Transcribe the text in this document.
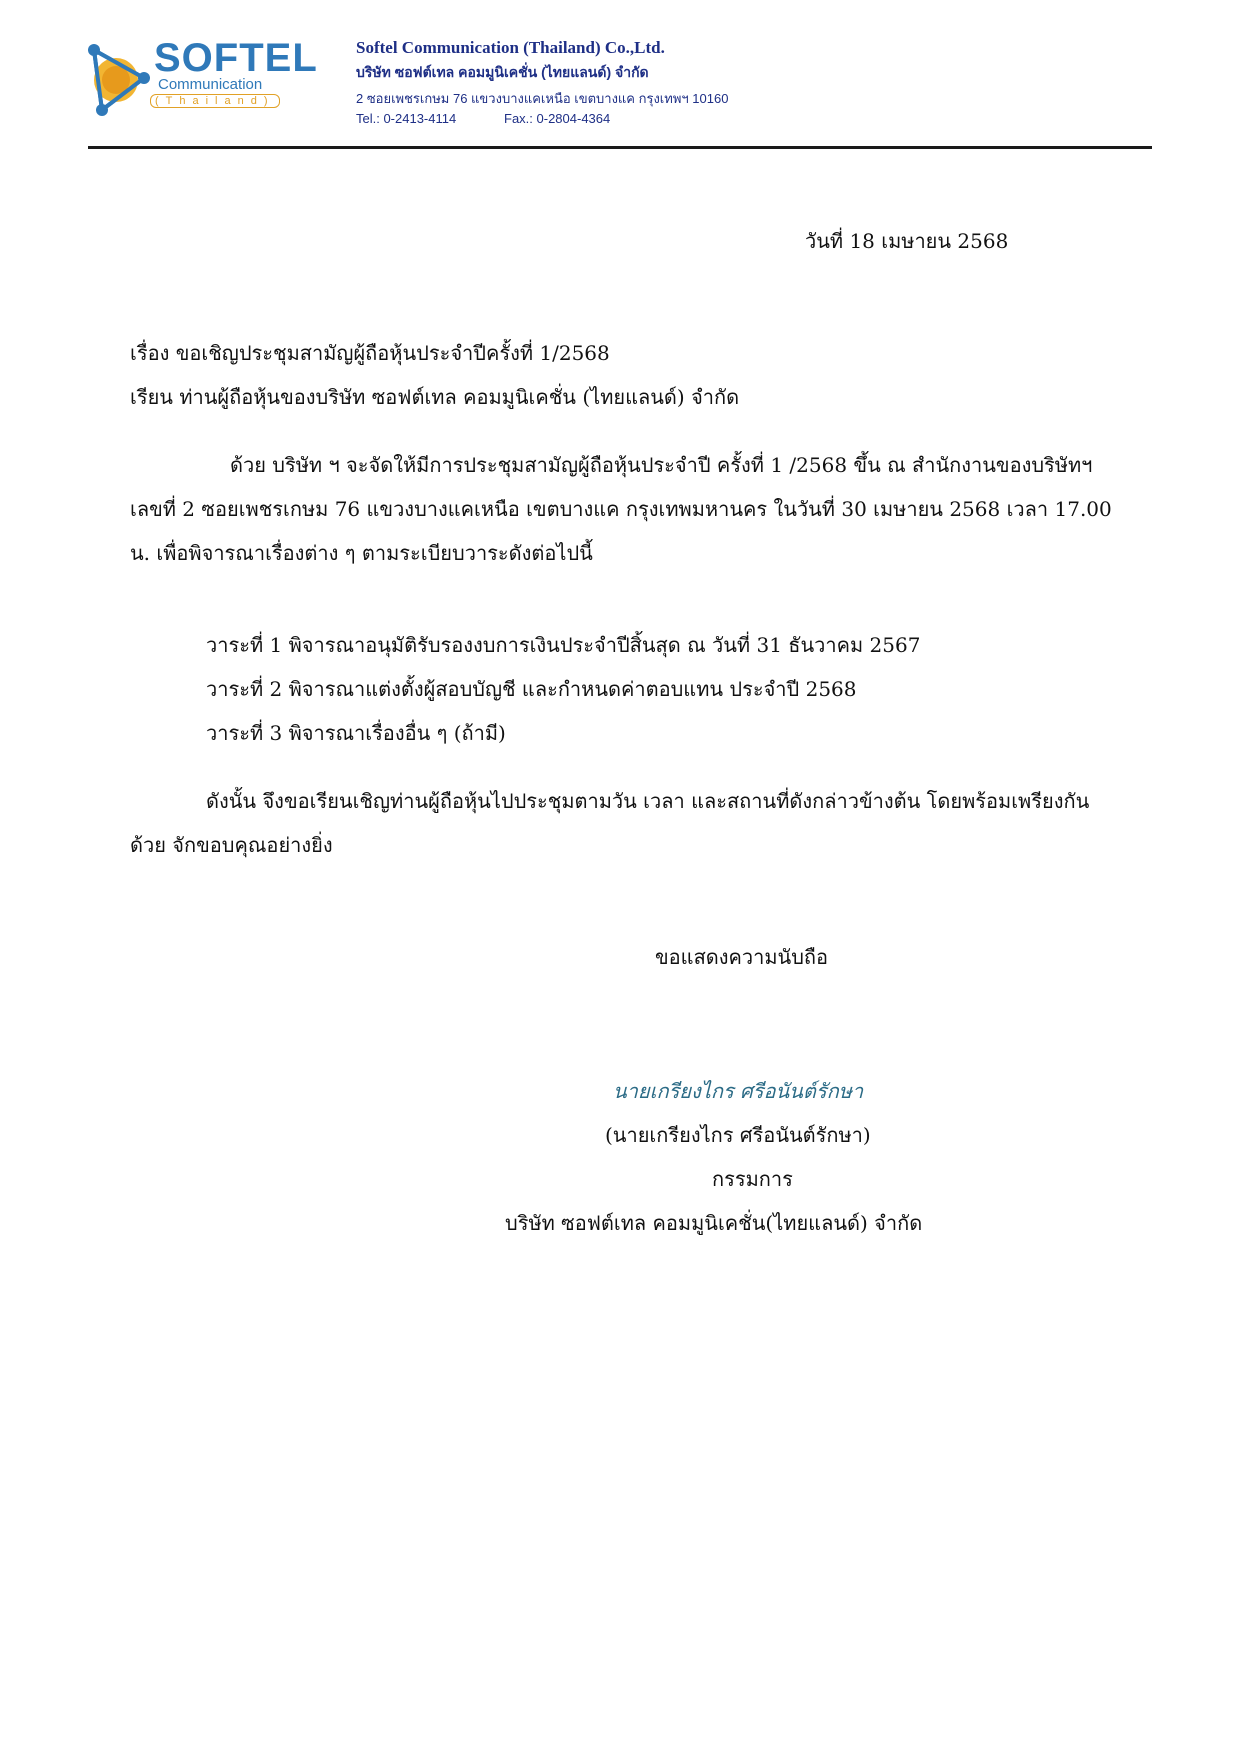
SOFTEL
Communication
(Thailand)
Softel Communication (Thailand) Co.,Ltd.
บริษัท ซอฟต์เทล คอมมูนิเคชั่น (ไทยแลนด์) จำกัด
2 ซอยเพชรเกษม 76 แขวงบางแคเหนือ เขตบางแค กรุงเทพฯ 10160
Tel.: 0-2413-4114	Fax.: 0-2804-4364
วันที่ 18 เมษายน 2568
เรื่อง ขอเชิญประชุมสามัญผู้ถือหุ้นประจำปีครั้งที่ 1/2568
เรียน ท่านผู้ถือหุ้นของบริษัท ซอฟต์เทล คอมมูนิเคชั่น (ไทยแลนด์) จำกัด
ด้วย บริษัท ฯ จะจัดให้มีการประชุมสามัญผู้ถือหุ้นประจำปี ครั้งที่ 1 /2568 ขึ้น ณ สำนักงานของบริษัทฯ
เลขที่ 2 ซอยเพชรเกษม 76 แขวงบางแคเหนือ เขตบางแค กรุงเทพมหานคร ในวันที่ 30 เมษายน 2568 เวลา 17.00
น. เพื่อพิจารณาเรื่องต่าง ๆ ตามระเบียบวาระดังต่อไปนี้
วาระที่ 1 พิจารณาอนุมัติรับรองงบการเงินประจำปีสิ้นสุด ณ วันที่ 31 ธันวาคม 2567
วาระที่ 2 พิจารณาแต่งตั้งผู้สอบบัญชี และกำหนดค่าตอบแทน ประจำปี 2568
วาระที่ 3 พิจารณาเรื่องอื่น ๆ (ถ้ามี)
ดังนั้น จึงขอเรียนเชิญท่านผู้ถือหุ้นไปประชุมตามวัน เวลา และสถานที่ดังกล่าวข้างต้น โดยพร้อมเพรียงกัน
ด้วย จักขอบคุณอย่างยิ่ง
ขอแสดงความนับถือ
นายเกรียงไกร ศรีอนันต์รักษา
(นายเกรียงไกร ศรีอนันต์รักษา)
กรรมการ
บริษัท ซอฟต์เทล คอมมูนิเคชั่น(ไทยแลนด์) จำกัด
